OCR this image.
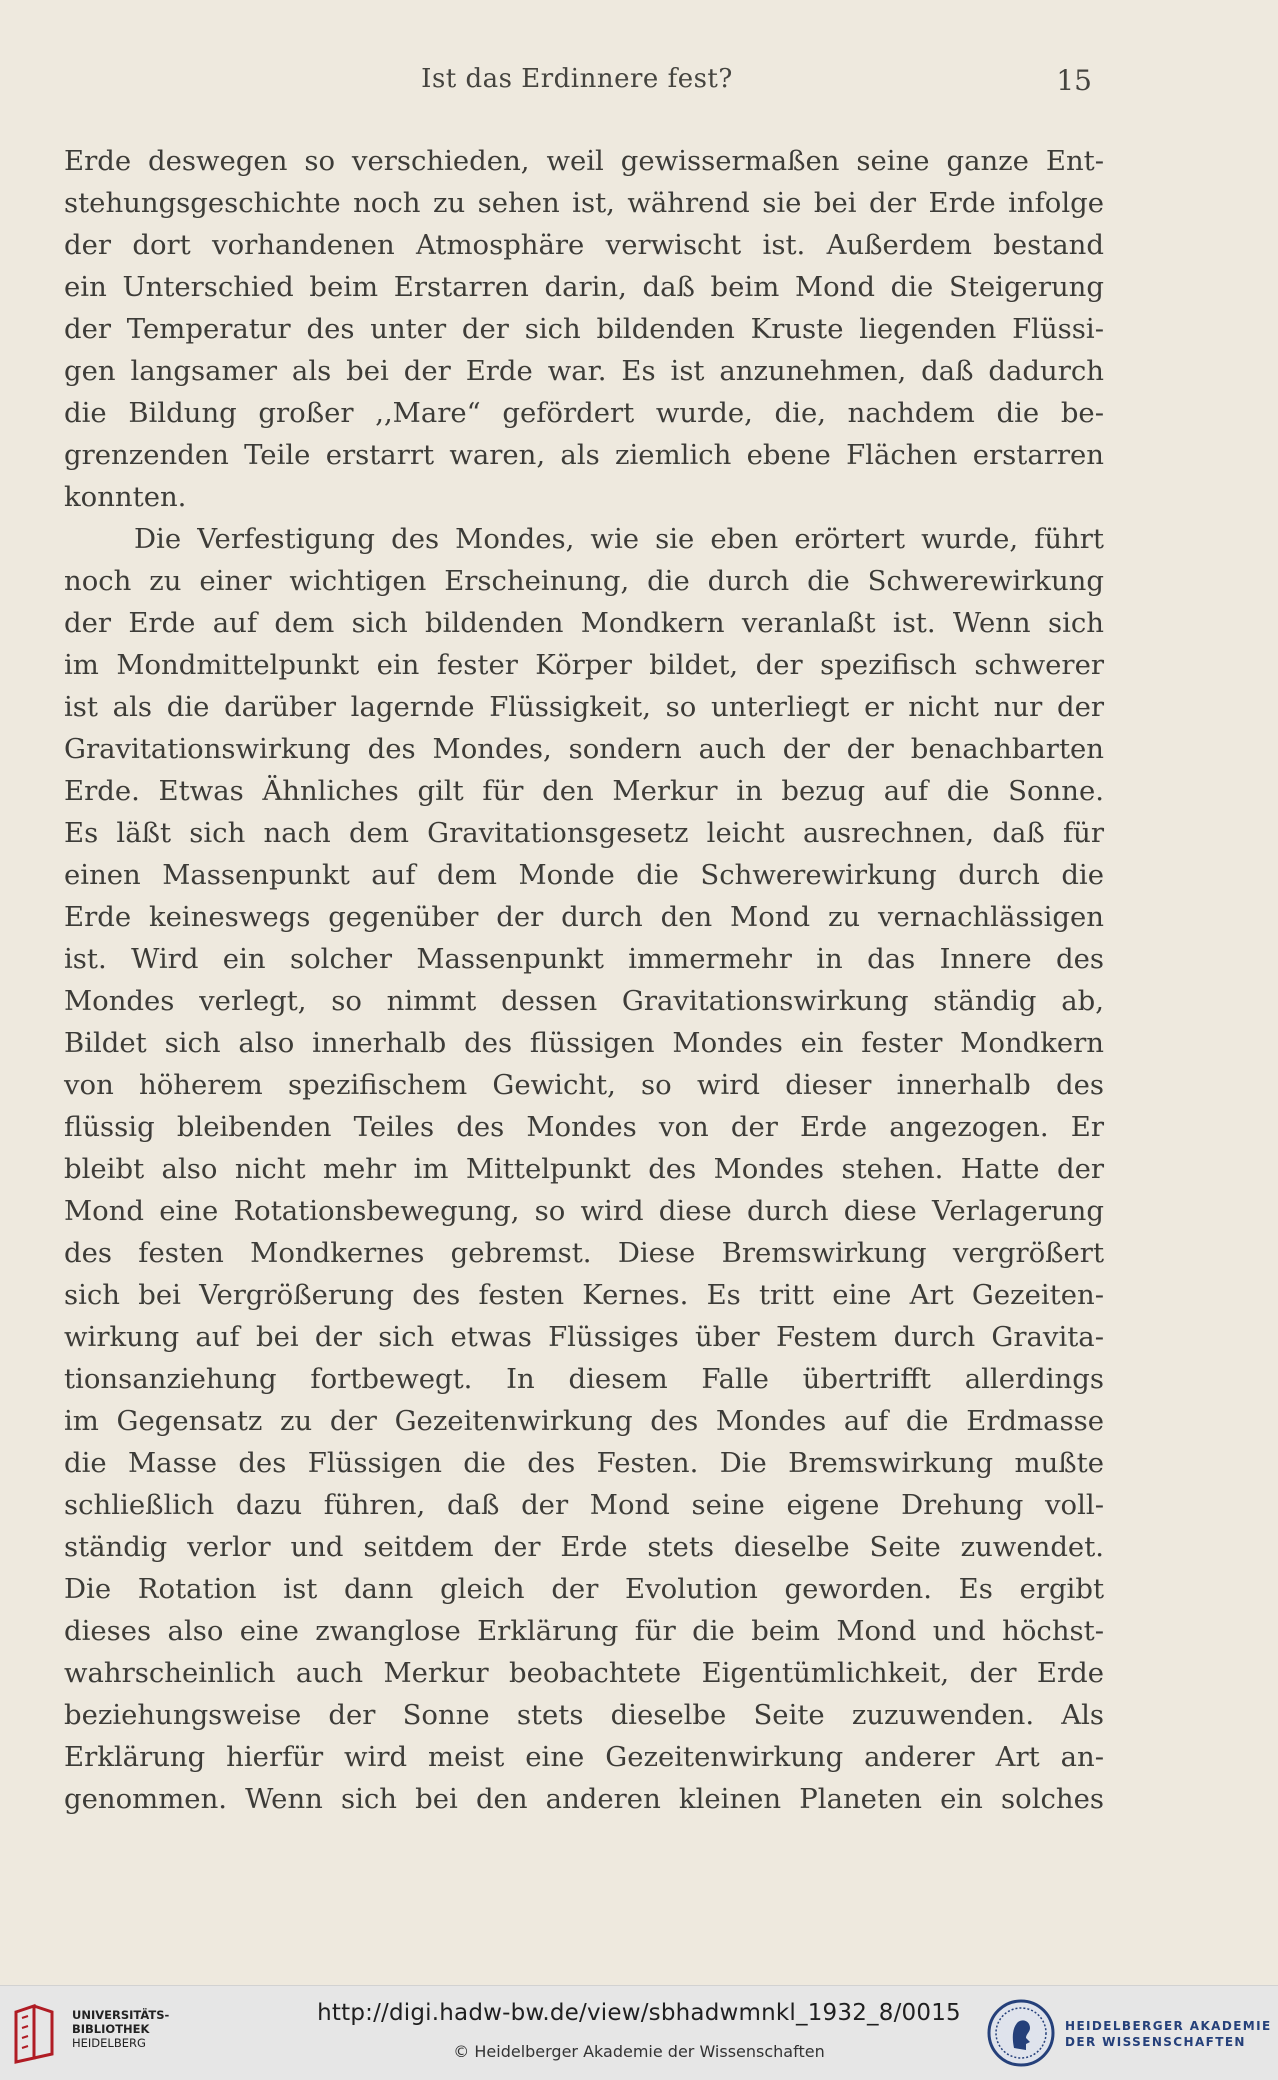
Ist das Erdinnere fest?	15
Erde deswegen so verschieden, weil gewissermaßen seine ganze Ent-
stehungsgeschichte noch zu sehen ist, während sie bei der Erde infolge
der dort vorhandenen Atmosphäre verwischt ist. Außerdem bestand
ein Unterschied beim Erstarren darin, daß beim Mond die Steigerung
der Temperatur des unter der sich bildenden Kruste liegenden Flüssi-
gen langsamer als bei der Erde war. Es ist anzunehmen, daß dadurch
die Bildung großer ,,Mare“ gefördert wurde, die, nachdem die be-
grenzenden Teile erstarrt waren, als ziemlich ebene Flächen erstarren
konnten.
Die Verfestigung des Mondes, wie sie eben erörtert wurde, führt
noch zu einer wichtigen Erscheinung, die durch die Schwerewirkung
der Erde auf dem sich bildenden Mondkern veranlaßt ist. Wenn sich
im Mondmittelpunkt ein fester Körper bildet, der spezifisch schwerer
ist als die darüber lagernde Flüssigkeit, so unterliegt er nicht nur der
Gravitationswirkung des Mondes, sondern auch der der benachbarten
Erde. Etwas Ähnliches gilt für den Merkur in bezug auf die Sonne.
Es läßt sich nach dem Gravitationsgesetz leicht ausrechnen, daß für
einen Massenpunkt auf dem Monde die Schwerewirkung durch die
Erde keineswegs gegenüber der durch den Mond zu vernachlässigen
ist. Wird ein solcher Massenpunkt immermehr in das Innere des
Mondes verlegt, so nimmt dessen Gravitationswirkung ständig ab,
Bildet sich also innerhalb des flüssigen Mondes ein fester Mondkern
von höherem spezifischem Gewicht, so wird dieser innerhalb des
flüssig bleibenden Teiles des Mondes von der Erde angezogen. Er
bleibt also nicht mehr im Mittelpunkt des Mondes stehen. Hatte der
Mond eine Rotationsbewegung, so wird diese durch diese Verlagerung
des festen Mondkernes gebremst. Diese Bremswirkung vergrößert
sich bei Vergrößerung des festen Kernes. Es tritt eine Art Gezeiten-
wirkung auf bei der sich etwas Flüssiges über Festem durch Gravita-
tionsanziehung fortbewegt. In diesem Falle übertrifft allerdings
im Gegensatz zu der Gezeitenwirkung des Mondes auf die Erdmasse
die Masse des Flüssigen die des Festen. Die Bremswirkung mußte
schließlich dazu führen, daß der Mond seine eigene Drehung voll-
ständig verlor und seitdem der Erde stets dieselbe Seite zuwendet.
Die Rotation ist dann gleich der Evolution geworden. Es ergibt
dieses also eine zwanglose Erklärung für die beim Mond und höchst-
wahrscheinlich auch Merkur beobachtete Eigentümlichkeit, der Erde
beziehungsweise der Sonne stets dieselbe Seite zuzuwenden. Als
Erklärung hierfür wird meist eine Gezeitenwirkung anderer Art an-
genommen. Wenn sich bei den anderen kleinen Planeten ein solches
UNIVERSITÄTS-
BIBLIOTHEK
HEIDELBERG
http://digi.hadw-bw.de/view/sbhadwmnkl_1932_8/0015
© Heidelberger Akademie der Wissenschaften
HEIDELBERGER AKADEMIE
DER WISSENSCHAFTEN
